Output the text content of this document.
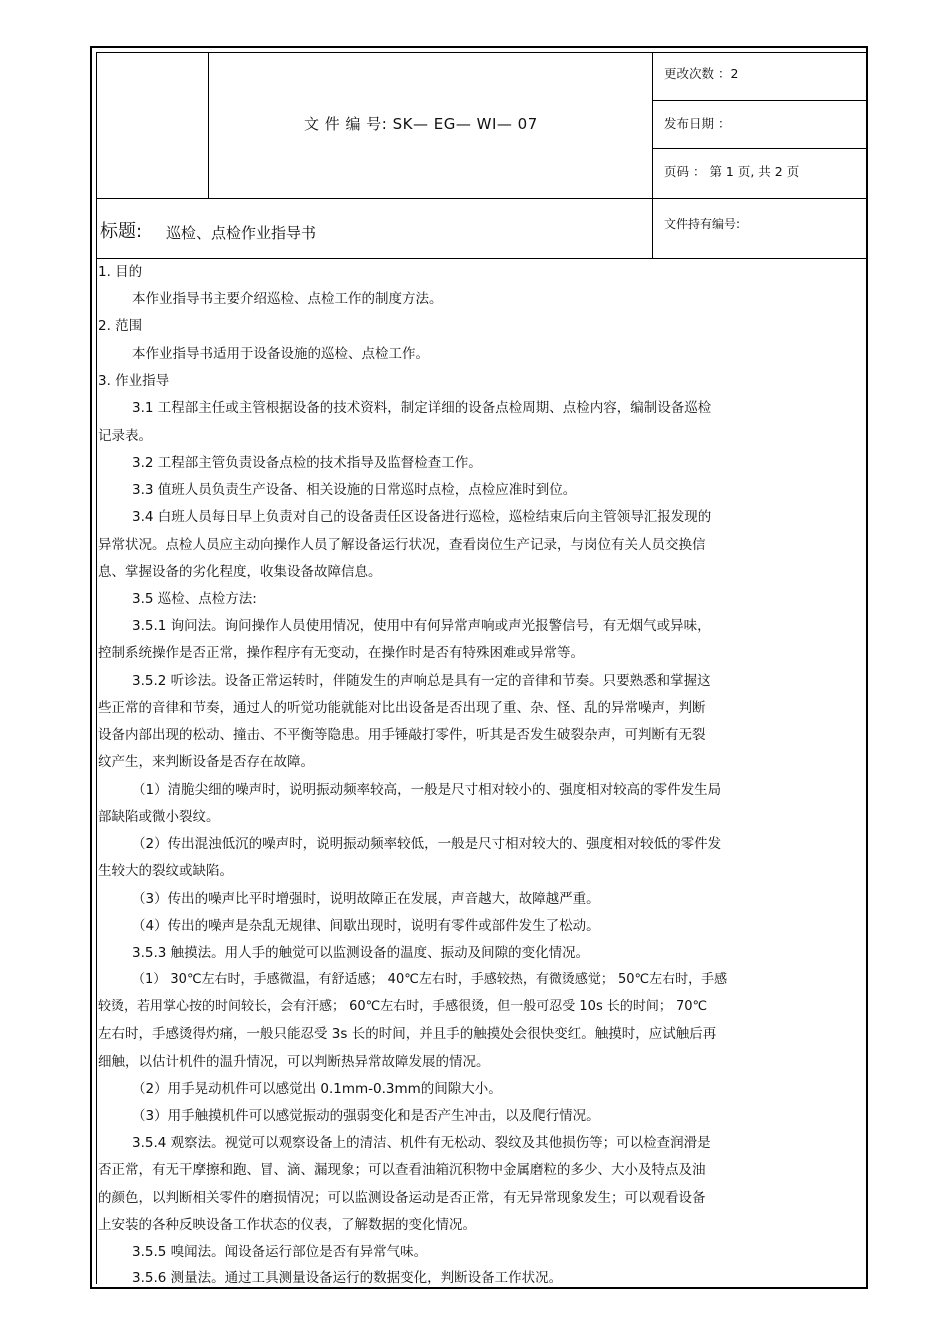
文 件 编 号: SK— EG— WI— 07
更改次数 ：2
发布日期 ：
页码 ： 第 1 页, 共 2 页
文件持有编号:
标题: 巡检、点检作业指导书
1. 目的
本作业指导书主要介绍巡检、点检工作的制度方法。
2. 范围
本作业指导书适用于设备设施的巡检、点检工作。
3. 作业指导
3.1 工程部主任或主管根据设备的技术资料，制定详细的设备点检周期、点检内容，编制设备巡检
记录表。
3.2 工程部主管负责设备点检的技术指导及监督检查工作。
3.3 值班人员负责生产设备、相关设施的日常巡时点检，点检应准时到位。
3.4 白班人员每日早上负责对自己的设备责任区设备进行巡检，巡检结束后向主管领导汇报发现的
异常状况。点检人员应主动向操作人员了解设备运行状况，查看岗位生产记录，与岗位有关人员交换信
息、掌握设备的劣化程度，收集设备故障信息。
3.5 巡检、点检方法:
3.5.1 询问法。询问操作人员使用情况，使用中有何异常声响或声光报警信号，有无烟气或异味，
控制系统操作是否正常，操作程序有无变动，在操作时是否有特殊困难或异常等。
3.5.2 听诊法。设备正常运转时，伴随发生的声响总是具有一定的音律和节奏。只要熟悉和掌握这
些正常的音律和节奏，通过人的听觉功能就能对比出设备是否出现了重、杂、怪、乱的异常噪声，判断
设备内部出现的松动、撞击、不平衡等隐患。用手锤敲打零件，听其是否发生破裂杂声，可判断有无裂
纹产生，来判断设备是否存在故障。
（1）清脆尖细的噪声时，说明振动频率较高，一般是尺寸相对较小的、强度相对较高的零件发生局
部缺陷或微小裂纹。
（2）传出混浊低沉的噪声时，说明振动频率较低，一般是尺寸相对较大的、强度相对较低的零件发
生较大的裂纹或缺陷。
（3）传出的噪声比平时增强时，说明故障正在发展，声音越大，故障越严重。
（4）传出的噪声是杂乱无规律、间歇出现时，说明有零件或部件发生了松动。
3.5.3 触摸法。用人手的触觉可以监测设备的温度、振动及间隙的变化情况。
（1） 30℃左右时，手感微温，有舒适感； 40℃左右时，手感较热，有微烫感觉； 50℃左右时，手感
较烫，若用掌心按的时间较长，会有汗感； 60℃左右时，手感很烫，但一般可忍受 10s 长的时间； 70℃
左右时，手感烫得灼痛，一般只能忍受 3s 长的时间，并且手的触摸处会很快变红。触摸时，应试触后再
细触，以估计机件的温升情况，可以判断热异常故障发展的情况。
（2）用手晃动机件可以感觉出 0.1mm-0.3mm的间隙大小。
（3）用手触摸机件可以感觉振动的强弱变化和是否产生冲击，以及爬行情况。
3.5.4 观察法。视觉可以观察设备上的清洁、机件有无松动、裂纹及其他损伤等；可以检查润滑是
否正常，有无干摩擦和跑、冒、滴、漏现象；可以查看油箱沉积物中金属磨粒的多少、大小及特点及油
的颜色，以判断相关零件的磨损情况；可以监测设备运动是否正常，有无异常现象发生；可以观看设备
上安装的各种反映设备工作状态的仪表，了解数据的变化情况。
3.5.5 嗅闻法。闻设备运行部位是否有异常气味。
3.5.6 测量法。通过工具测量设备运行的数据变化，判断设备工作状况。
